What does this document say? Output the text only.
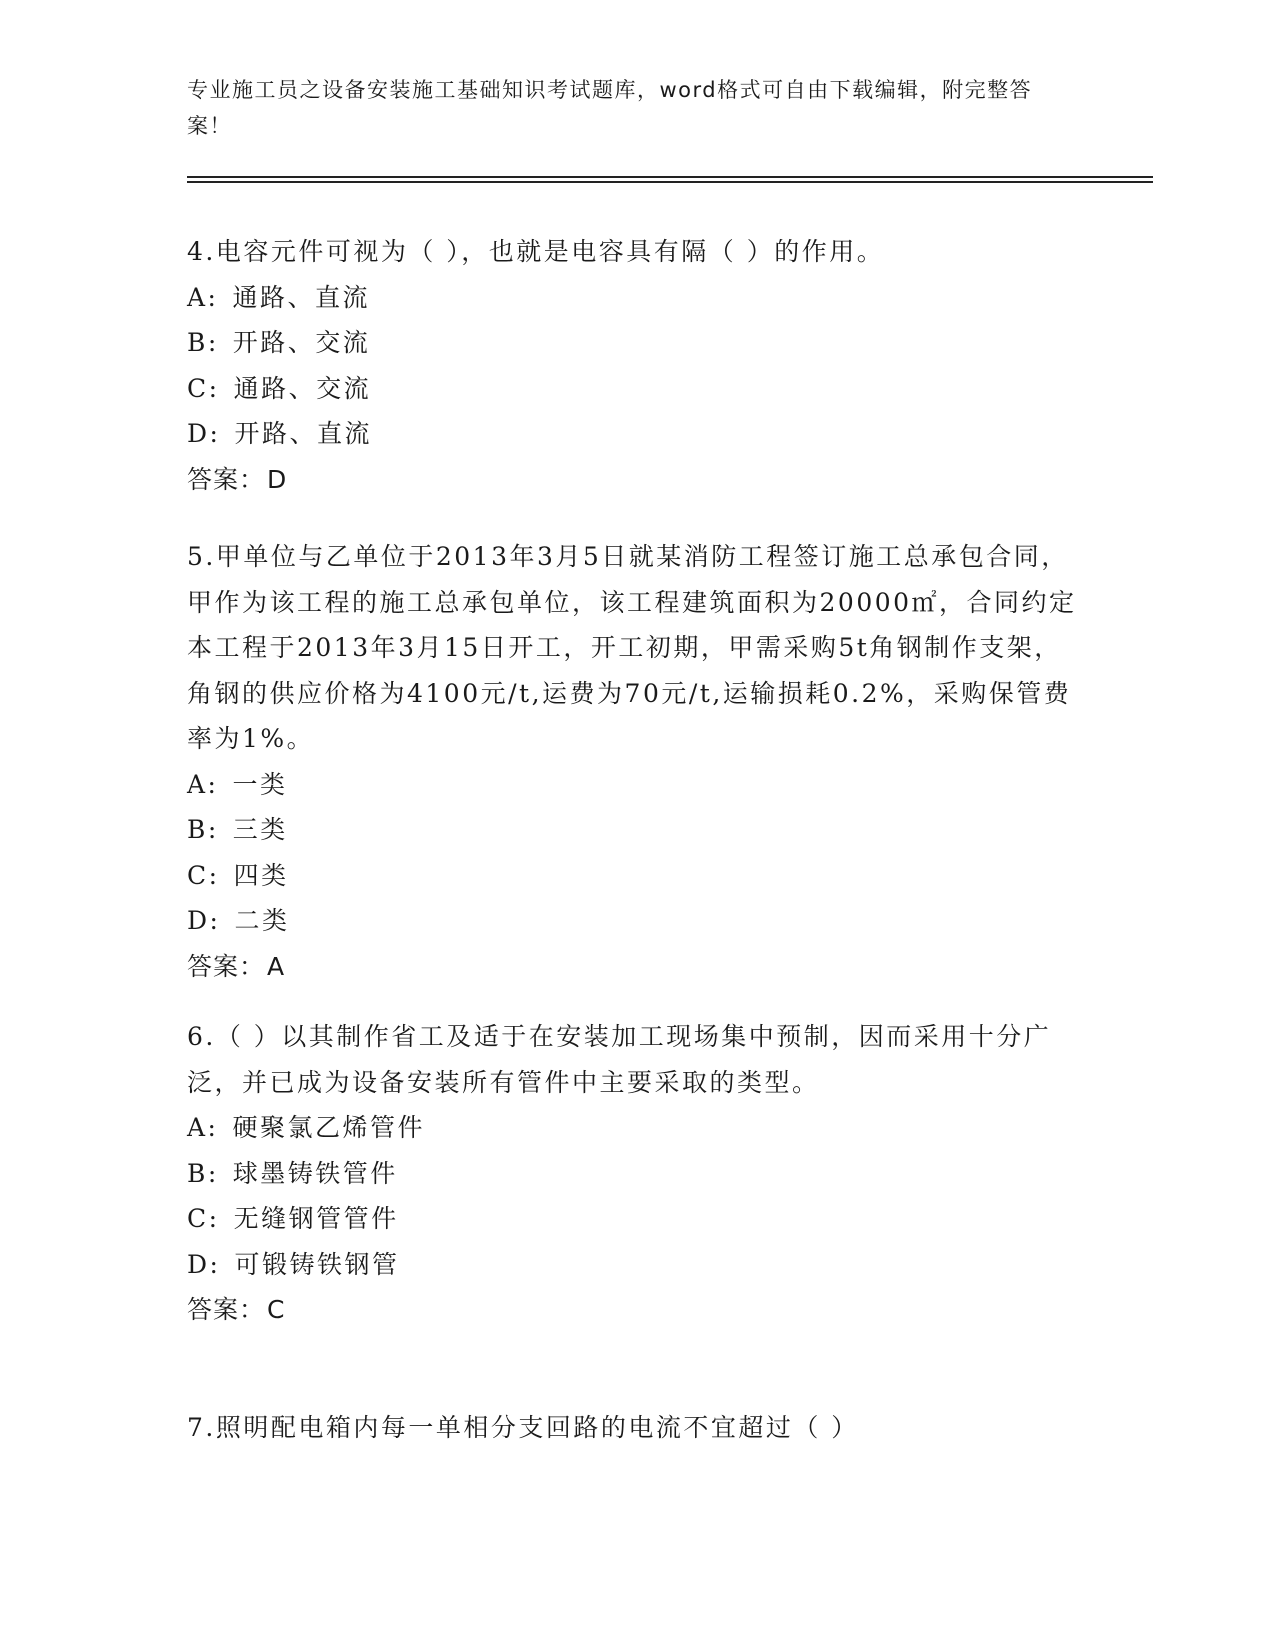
专业施工员之设备安装施工基础知识考试题库，word格式可自由下载编辑，附完整答案！

4.电容元件可视为（ ），也就是电容具有隔（ ）的作用。

A: 通路、直流
B: 开路、交流
C: 通路、交流
D: 开路、直流
答案：D

5.甲单位与乙单位于2013年3月5日就某消防工程签订施工总承包合同，甲作为该工程的施工总承包单位，该工程建筑面积为20000㎡，合同约定本工程于2013年3月15日开工，开工初期，甲需采购5t角钢制作支架，角钢的供应价格为4100元/t,运费为70元/t,运输损耗0.2%，采购保管费率为1%。

A: 一类
B: 三类
C: 四类
D: 二类
答案：A

6.（ ）以其制作省工及适于在安装加工现场集中预制，因而采用十分广泛，并已成为设备安装所有管件中主要采取的类型。

A: 硬聚氯乙烯管件
B: 球墨铸铁管件
C: 无缝钢管管件
D: 可锻铸铁钢管
答案：C

7.照明配电箱内每一单相分支回路的电流不宜超过（ ）
